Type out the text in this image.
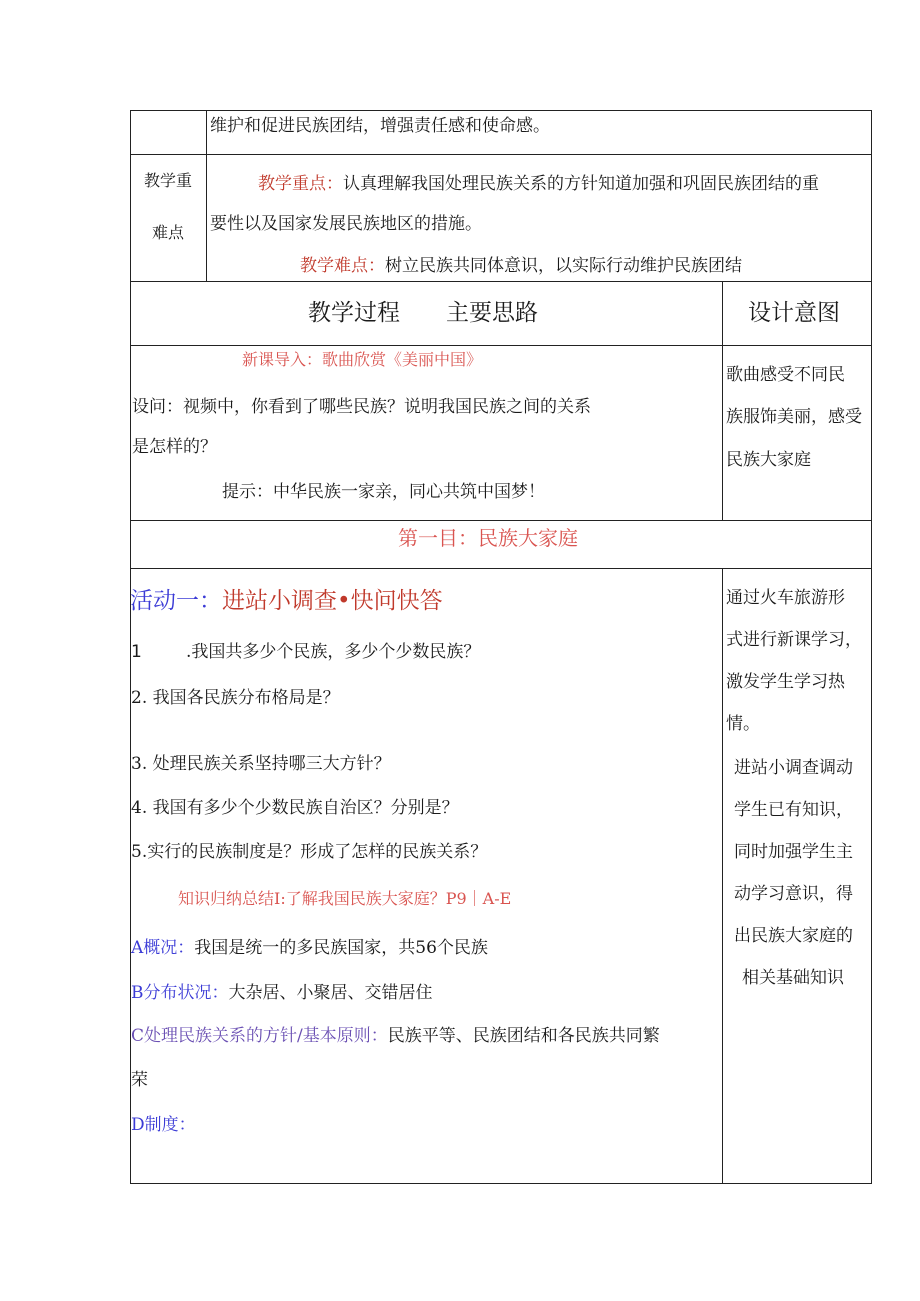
维护和促进民族团结，增强责任感和使命感。
教学重
难点
教学重点：认真理解我国处理民族关系的方针知道加强和巩固民族团结的重
要性以及国家发展民族地区的措施。
教学难点：树立民族共同体意识，以实际行动维护民族团结
教学过程 主要思路	设计意图
新课导入：歌曲欣赏《美丽中国》
设问：视频中，你看到了哪些民族？说明我国民族之间的关系
是怎样的？
提示：中华民族一家亲，同心共筑中国梦！
歌曲感受不同民
族服饰美丽，感受
民族大家庭
第一目：民族大家庭
活动一：进站小调查•快问快答
1	.我国共多少个民族，多少个少数民族？
2. 我国各民族分布格局是？
3. 处理民族关系坚持哪三大方针？
4. 我国有多少个少数民族自治区？分别是？
5.实行的民族制度是？形成了怎样的民族关系？
知识归纳总结Ⅰ:了解我国民族大家庭？P9｜A-E
A概况：我国是统一的多民族国家，共56个民族
B分布状况：大杂居、小聚居、交错居住
C处理民族关系的方针/基本原则：民族平等、民族团结和各民族共同繁
荣
D制度：
通过火车旅游形
式进行新课学习，
激发学生学习热
情。
进站小调查调动
学生已有知识，
同时加强学生主
动学习意识，得
出民族大家庭的
相关基础知识
